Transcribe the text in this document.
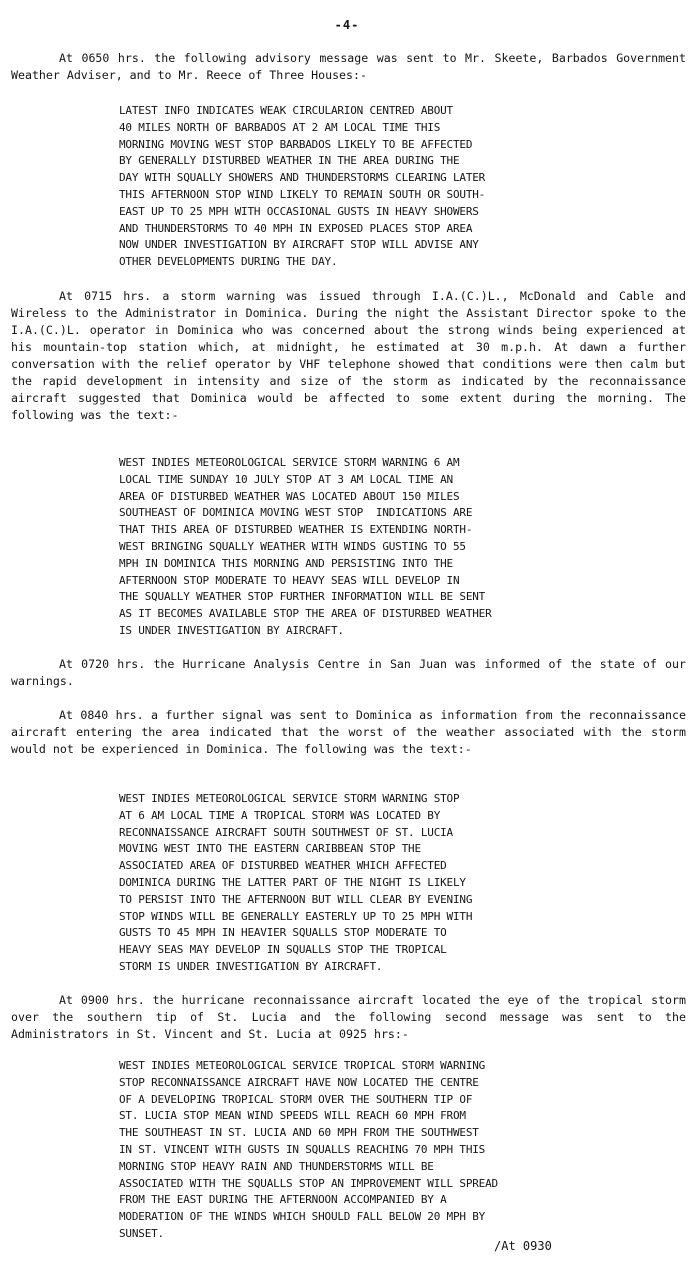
-4-

At 0650 hrs. the following advisory message was sent to Mr. Skeete, Barbados Government Weather Adviser, and to Mr. Reece of Three Houses:-

LATEST INFO INDICATES WEAK CIRCULARION CENTRED ABOUT
40 MILES NORTH OF BARBADOS AT 2 AM LOCAL TIME THIS
MORNING MOVING WEST STOP BARBADOS LIKELY TO BE AFFECTED
BY GENERALLY DISTURBED WEATHER IN THE AREA DURING THE
DAY WITH SQUALLY SHOWERS AND THUNDERSTORMS CLEARING LATER
THIS AFTERNOON STOP WIND LIKELY TO REMAIN SOUTH OR SOUTH-
EAST UP TO 25 MPH WITH OCCASIONAL GUSTS IN HEAVY SHOWERS
AND THUNDERSTORMS TO 40 MPH IN EXPOSED PLACES STOP AREA
NOW UNDER INVESTIGATION BY AIRCRAFT STOP WILL ADVISE ANY
OTHER DEVELOPMENTS DURING THE DAY.

At 0715 hrs. a storm warning was issued through I.A.(C.)L., McDonald and Cable and Wireless to the Administrator in Dominica. During the night the Assistant Director spoke to the I.A.(C.)L. operator in Dominica who was concerned about the strong winds being experienced at his mountain-top station which, at midnight, he estimated at 30 m.p.h. At dawn a further conversation with the relief operator by VHF telephone showed that conditions were then calm but the rapid development in intensity and size of the storm as indicated by the reconnaissance aircraft suggested that Dominica would be affected to some extent during the morning. The following was the text:-

WEST INDIES METEOROLOGICAL SERVICE STORM WARNING 6 AM
LOCAL TIME SUNDAY 10 JULY STOP AT 3 AM LOCAL TIME AN
AREA OF DISTURBED WEATHER WAS LOCATED ABOUT 150 MILES
SOUTHEAST OF DOMINICA MOVING WEST STOP  INDICATIONS ARE
THAT THIS AREA OF DISTURBED WEATHER IS EXTENDING NORTH-
WEST BRINGING SQUALLY WEATHER WITH WINDS GUSTING TO 55
MPH IN DOMINICA THIS MORNING AND PERSISTING INTO THE
AFTERNOON STOP MODERATE TO HEAVY SEAS WILL DEVELOP IN
THE SQUALLY WEATHER STOP FURTHER INFORMATION WILL BE SENT
AS IT BECOMES AVAILABLE STOP THE AREA OF DISTURBED WEATHER
IS UNDER INVESTIGATION BY AIRCRAFT.

At 0720 hrs. the Hurricane Analysis Centre in San Juan was informed of the state of our warnings.

At 0840 hrs. a further signal was sent to Dominica as information from the reconnaissance aircraft entering the area indicated that the worst of the weather associated with the storm would not be experienced in Dominica. The following was the text:-

WEST INDIES METEOROLOGICAL SERVICE STORM WARNING STOP
AT 6 AM LOCAL TIME A TROPICAL STORM WAS LOCATED BY
RECONNAISSANCE AIRCRAFT SOUTH SOUTHWEST OF ST. LUCIA
MOVING WEST INTO THE EASTERN CARIBBEAN STOP THE
ASSOCIATED AREA OF DISTURBED WEATHER WHICH AFFECTED
DOMINICA DURING THE LATTER PART OF THE NIGHT IS LIKELY
TO PERSIST INTO THE AFTERNOON BUT WILL CLEAR BY EVENING
STOP WINDS WILL BE GENERALLY EASTERLY UP TO 25 MPH WITH
GUSTS TO 45 MPH IN HEAVIER SQUALLS STOP MODERATE TO
HEAVY SEAS MAY DEVELOP IN SQUALLS STOP THE TROPICAL
STORM IS UNDER INVESTIGATION BY AIRCRAFT.

At 0900 hrs. the hurricane reconnaissance aircraft located the eye of the tropical storm over the southern tip of St. Lucia and the following second message was sent to the Administrators in St. Vincent and St. Lucia at 0925 hrs:-

WEST INDIES METEOROLOGICAL SERVICE TROPICAL STORM WARNING
STOP RECONNAISSANCE AIRCRAFT HAVE NOW LOCATED THE CENTRE
OF A DEVELOPING TROPICAL STORM OVER THE SOUTHERN TIP OF
ST. LUCIA STOP MEAN WIND SPEEDS WILL REACH 60 MPH FROM
THE SOUTHEAST IN ST. LUCIA AND 60 MPH FROM THE SOUTHWEST
IN ST. VINCENT WITH GUSTS IN SQUALLS REACHING 70 MPH THIS
MORNING STOP HEAVY RAIN AND THUNDERSTORMS WILL BE
ASSOCIATED WITH THE SQUALLS STOP AN IMPROVEMENT WILL SPREAD
FROM THE EAST DURING THE AFTERNOON ACCOMPANIED BY A
MODERATION OF THE WINDS WHICH SHOULD FALL BELOW 20 MPH BY
SUNSET.
/At 0930
